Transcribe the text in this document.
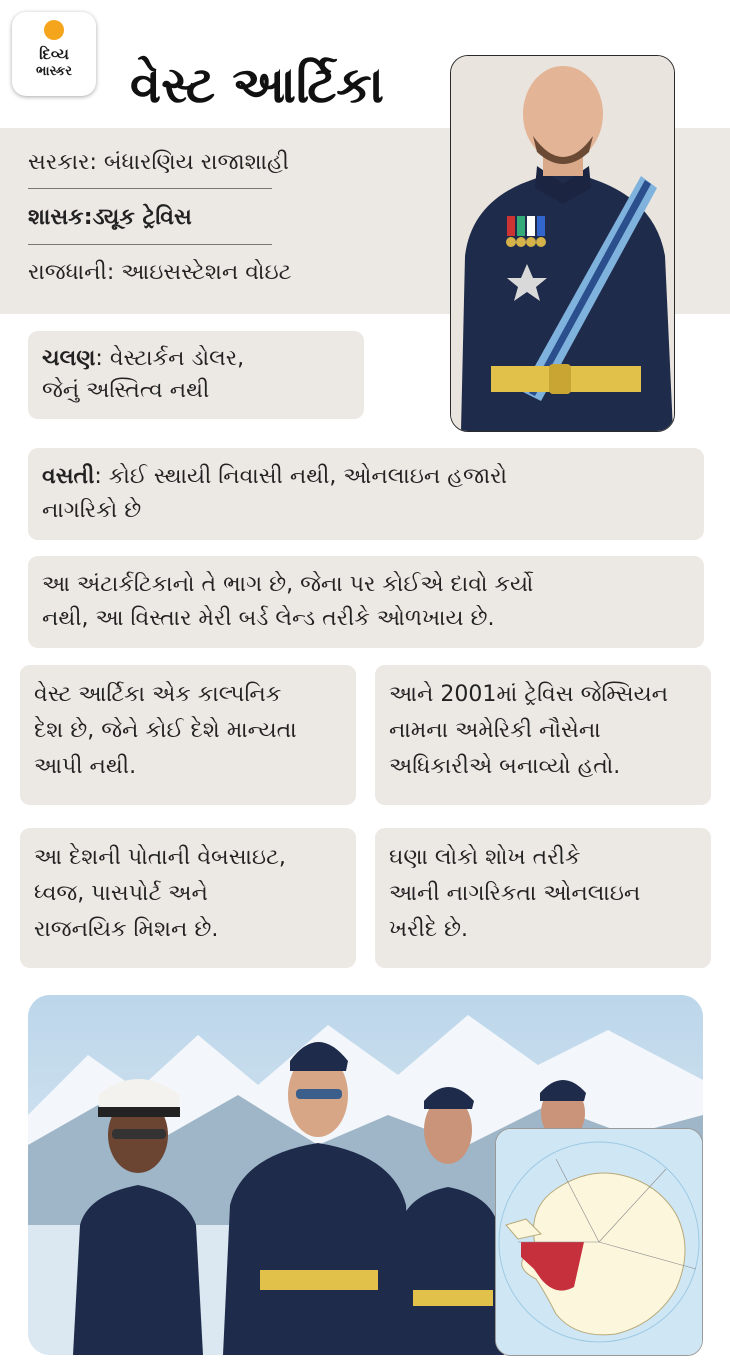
દિવ્ય
ભાસ્કર	વેસ્ટ આર્ટિકા
સરકાર: બંધારણિય રાજાશાહી
શાસક:ડ્યૂક ટ્રેવિસ
રાજધાની: આઇસસ્ટેશન વોઇટ
ચલણ: વેસ્ટાર્કન ડોલર,
જેનું અસ્તિત્વ નથી
વસતી: કોઈ સ્થાયી નિવાસી નથી, ઓનલાઇન હજારો
નાગરિકો છે
આ અંટાર્કટિકાનો તે ભાગ છે, જેના પર કોઈએ દાવો કર્યો
નથી, આ વિસ્તાર મેરી બર્ડ લેન્ડ તરીકે ઓળખાય છે.
વેસ્ટ આર્ટિકા એક કાલ્પનિક
દેશ છે, જેને કોઈ દેશે માન્યતા
આપી નથી.
આને 2001માં ટ્રેવિસ જેમ્સિયન
નામના અમેરિકી નૌસેના
અધિકારીએ બનાવ્યો હતો.
આ દેશની પોતાની વેબસાઇટ,
ધ્વજ, પાસપોર્ટ અને
રાજનયિક મિશન છે.
ઘણા લોકો શોખ તરીકે
આની નાગરિકતા ઓનલાઇન
ખરીદે છે.
